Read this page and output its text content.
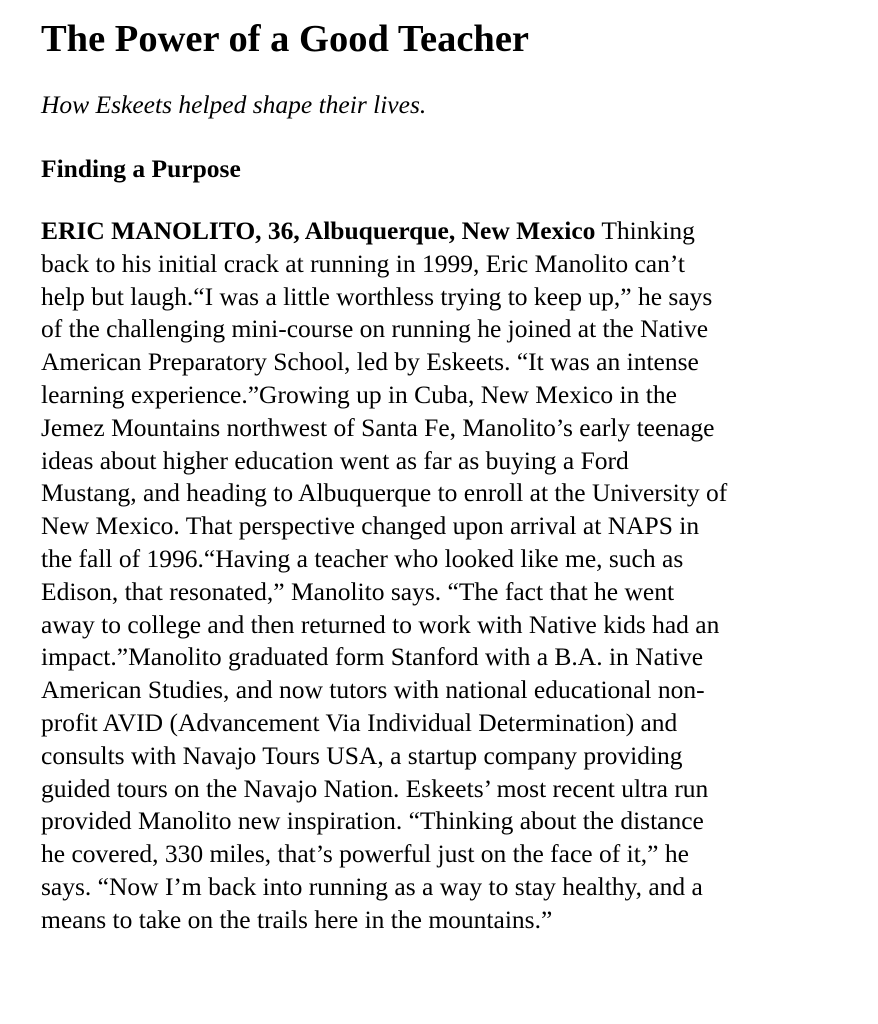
The Power of a Good Teacher

How Eskeets helped shape their lives.

Finding a Purpose
ERIC MANOLITO, 36, Albuquerque, New Mexico Thinking
back to his initial crack at running in 1999, Eric Manolito can’t
help but laugh.“I was a little worthless trying to keep up,” he says
of the challenging mini-course on running he joined at the Native
American Preparatory School, led by Eskeets. “It was an intense
learning experience.”Growing up in Cuba, New Mexico in the
Jemez Mountains northwest of Santa Fe, Manolito’s early teenage
ideas about higher education went as far as buying a Ford
Mustang, and heading to Albuquerque to enroll at the University of
New Mexico. That perspective changed upon arrival at NAPS in
the fall of 1996.“Having a teacher who looked like me, such as
Edison, that resonated,” Manolito says. “The fact that he went
away to college and then returned to work with Native kids had an
impact.”Manolito graduated form Stanford with a B.A. in Native
American Studies, and now tutors with national educational non-
profit AVID (Advancement Via Individual Determination) and
consults with Navajo Tours USA, a startup company providing
guided tours on the Navajo Nation. Eskeets’ most recent ultra run
provided Manolito new inspiration. “Thinking about the distance
he covered, 330 miles, that’s powerful just on the face of it,” he
says. “Now I’m back into running as a way to stay healthy, and a
means to take on the trails here in the mountains.”
